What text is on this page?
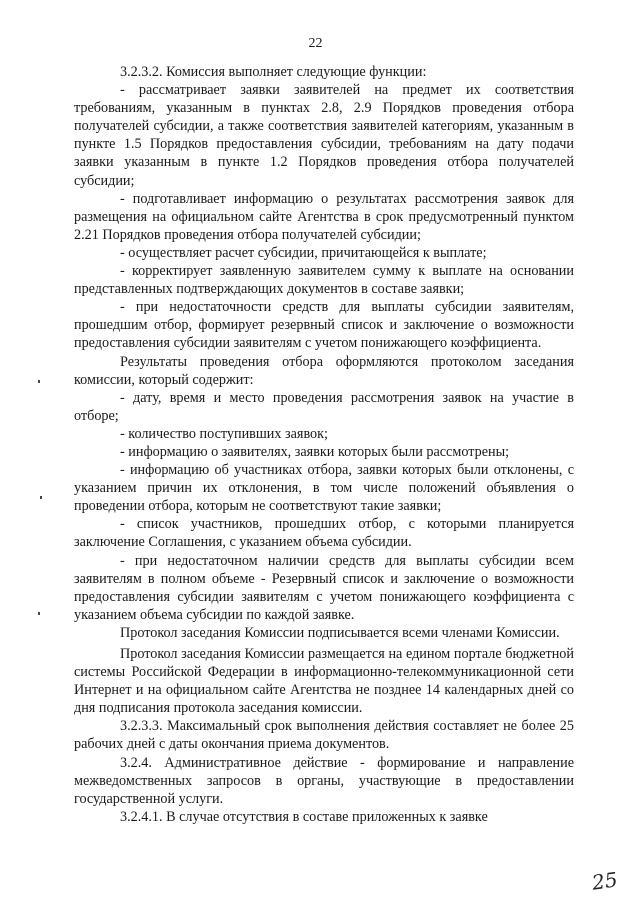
22

3.2.3.2. Комиссия выполняет следующие функции:

- рассматривает заявки заявителей на предмет их соответствия требованиям, указанным в пунктах 2.8, 2.9 Порядков проведения отбора получателей субсидии, а также соответствия заявителей категориям, указанным в пункте 1.5 Порядков предоставления субсидии, требованиям на дату подачи заявки указанным в пункте 1.2 Порядков проведения отбора получателей субсидии;

- подготавливает информацию о результатах рассмотрения заявок для размещения на официальном сайте Агентства в срок предусмотренный пунктом 2.21 Порядков проведения отбора получателей субсидии;

- осуществляет расчет субсидии, причитающейся к выплате;

- корректирует заявленную заявителем сумму к выплате на основании представленных подтверждающих документов в составе заявки;

- при недостаточности средств для выплаты субсидии заявителям, прошедшим отбор, формирует резервный список и заключение о возможности предоставления субсидии заявителям с учетом понижающего коэффициента.

Результаты проведения отбора оформляются протоколом заседания комиссии, который содержит:

- дату, время и место проведения рассмотрения заявок на участие в отборе;

- количество поступивших заявок;

- информацию о заявителях, заявки которых были рассмотрены;

- информацию об участниках отбора, заявки которых были отклонены, с указанием причин их отклонения, в том числе положений объявления о проведении отбора, которым не соответствуют такие заявки;

- список участников, прошедших отбор, с которыми планируется заключение Соглашения, с указанием объема субсидии.

- при недостаточном наличии средств для выплаты субсидии всем заявителям в полном объеме - Резервный список и заключение о возможности предоставления субсидии заявителям с учетом понижающего коэффициента с указанием объема субсидии по каждой заявке.

Протокол заседания Комиссии подписывается всеми членами Комиссии.

Протокол заседания Комиссии размещается на едином портале бюджетной системы Российской Федерации в информационно-телекоммуникационной сети Интернет и на официальном сайте Агентства не позднее 14 календарных дней со дня подписания протокола заседания комиссии.

3.2.3.3. Максимальный срок выполнения действия составляет не более 25 рабочих дней с даты окончания приема документов.

3.2.4. Административное действие - формирование и направление межведомственных запросов в органы, участвующие в предоставлении государственной услуги.

3.2.4.1. В случае отсутствия в составе приложенных к заявке

25
